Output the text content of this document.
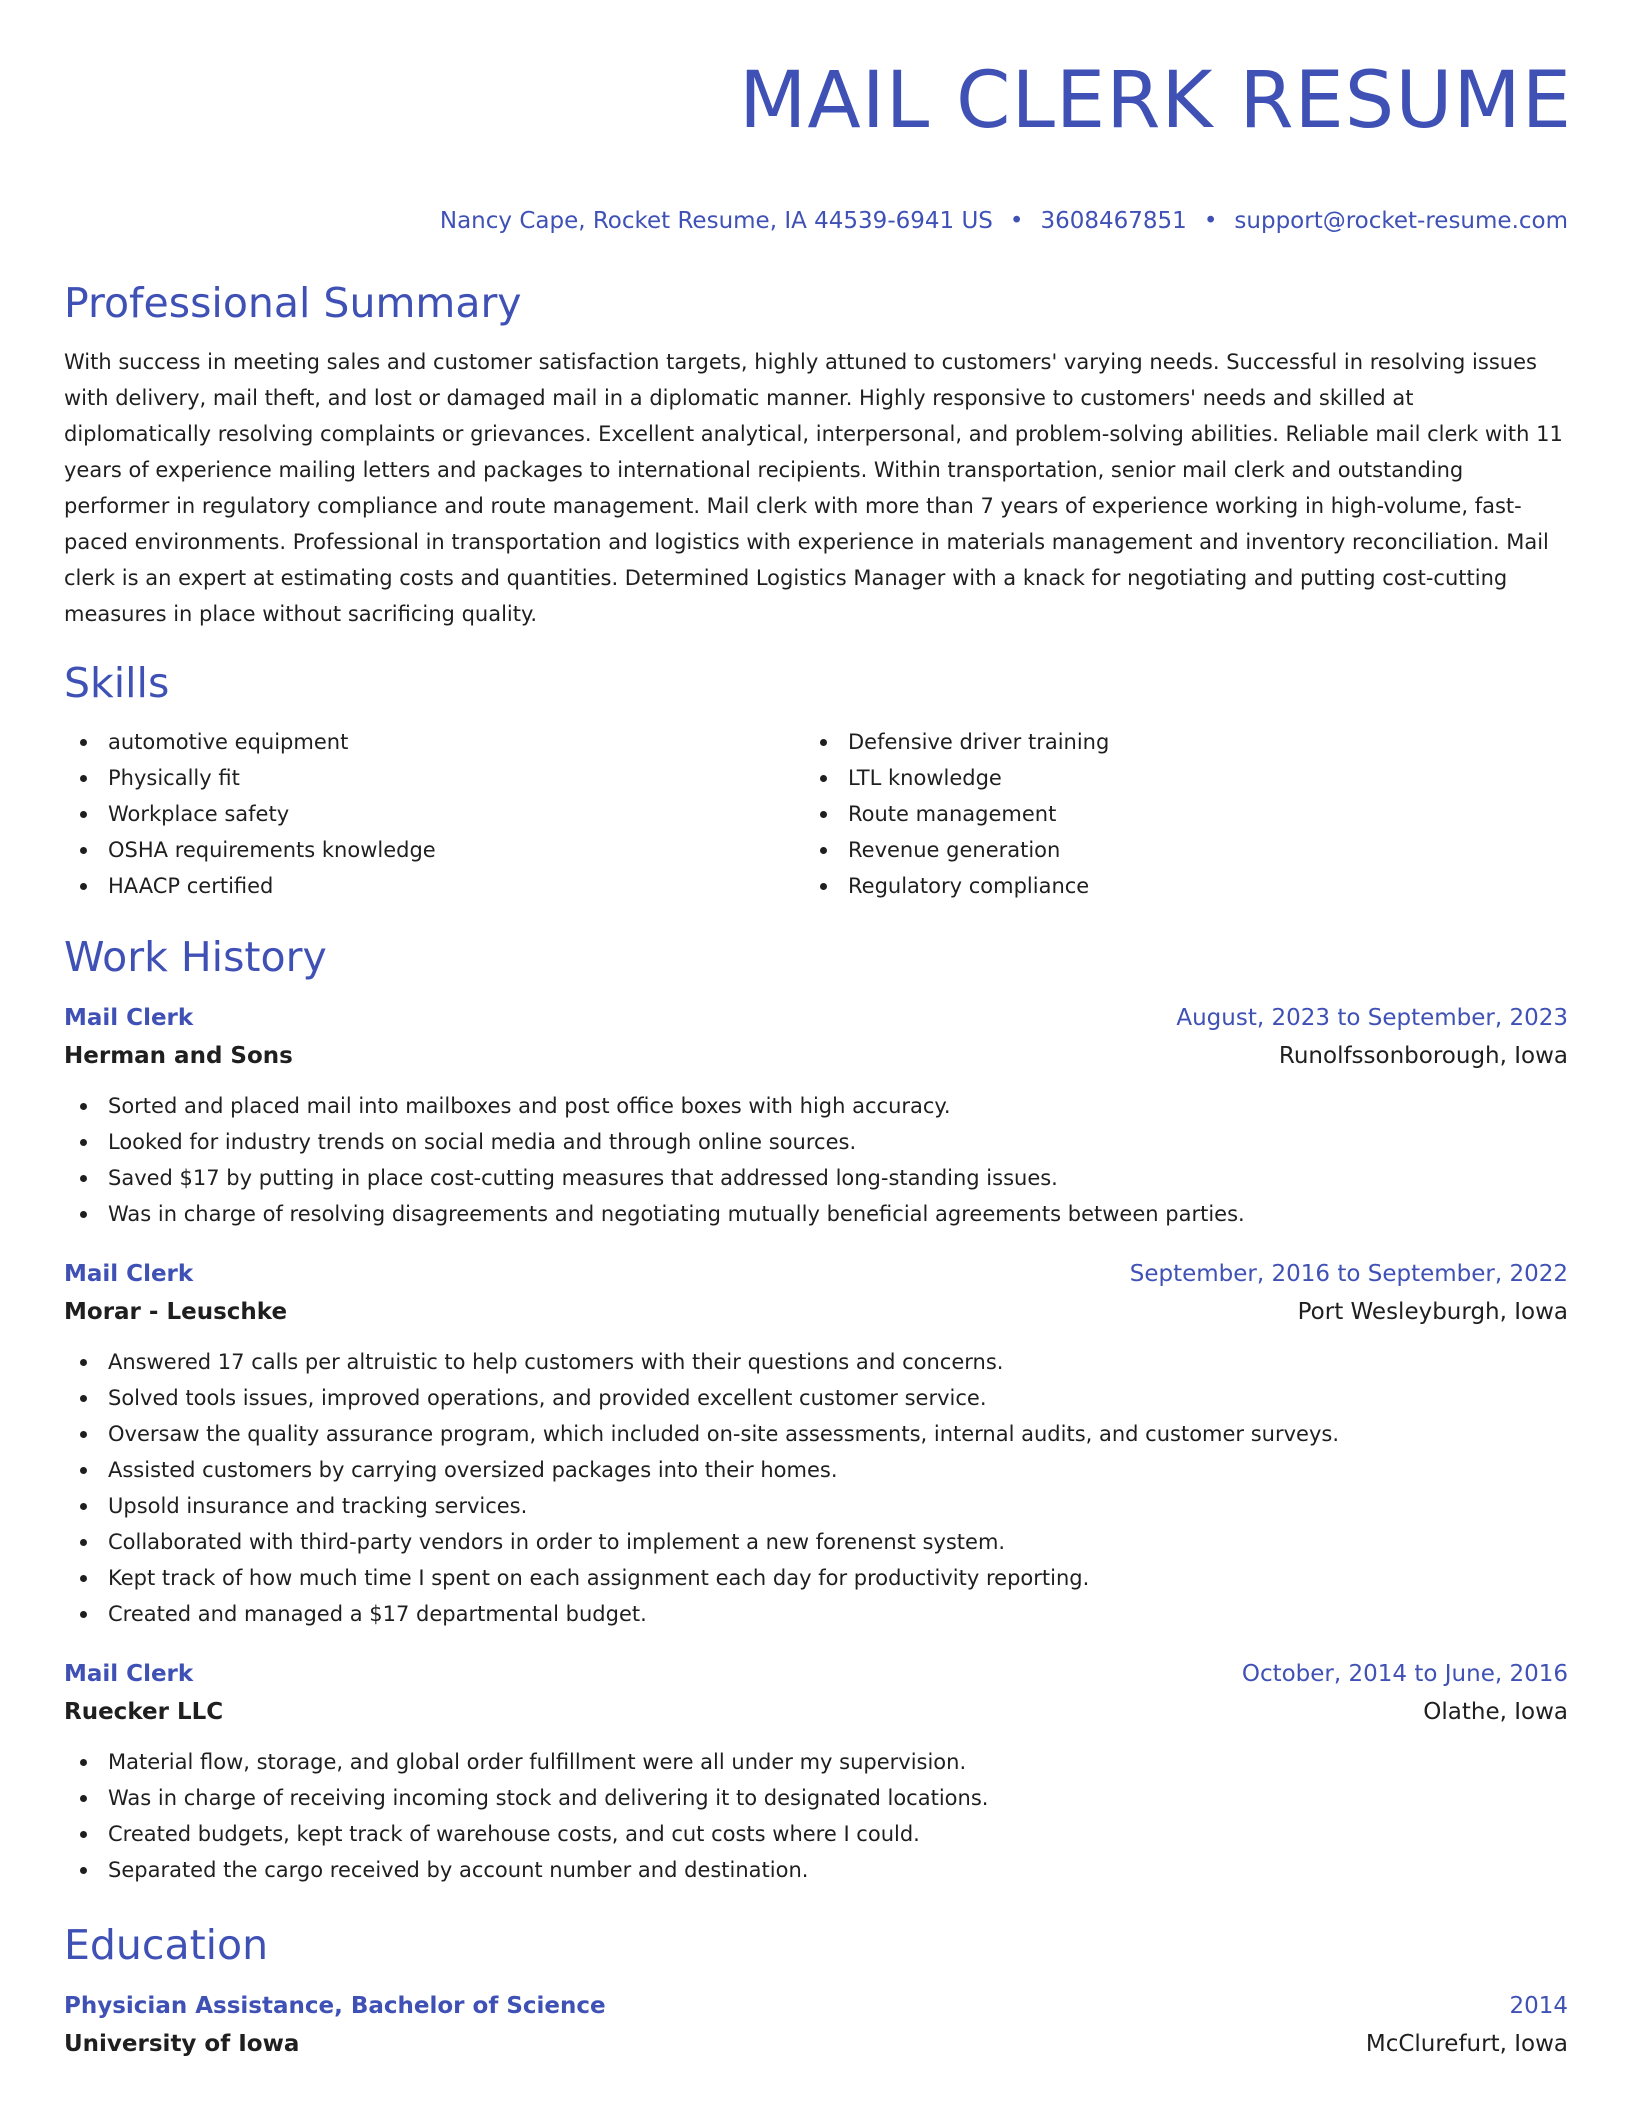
MAIL CLERK RESUME
Nancy Cape, Rocket Resume, IA 44539-6941 US • 3608467851 • support@rocket-resume.com
Professional Summary
With success in meeting sales and customer satisfaction targets, highly attuned to customers' varying needs. Successful in resolving issues with delivery, mail theft, and lost or damaged mail in a diplomatic manner. Highly responsive to customers' needs and skilled at diplomatically resolving complaints or grievances. Excellent analytical, interpersonal, and problem-solving abilities. Reliable mail clerk with 11 years of experience mailing letters and packages to international recipients. Within transportation, senior mail clerk and outstanding performer in regulatory compliance and route management. Mail clerk with more than 7 years of experience working in high-volume, fast-paced environments. Professional in transportation and logistics with experience in materials management and inventory reconciliation. Mail clerk is an expert at estimating costs and quantities. Determined Logistics Manager with a knack for negotiating and putting cost-cutting measures in place without sacrificing quality.
Skills
automotive equipment
Physically fit
Workplace safety
OSHA requirements knowledge
HAACP certified
Defensive driver training
LTL knowledge
Route management
Revenue generation
Regulatory compliance
Work History
Mail Clerk	August, 2023 to September, 2023
Herman and Sons	Runolfssonborough, Iowa
Sorted and placed mail into mailboxes and post office boxes with high accuracy.
Looked for industry trends on social media and through online sources.
Saved $17 by putting in place cost-cutting measures that addressed long-standing issues.
Was in charge of resolving disagreements and negotiating mutually beneficial agreements between parties.
Mail Clerk	September, 2016 to September, 2022
Morar - Leuschke	Port Wesleyburgh, Iowa
Answered 17 calls per altruistic to help customers with their questions and concerns.
Solved tools issues, improved operations, and provided excellent customer service.
Oversaw the quality assurance program, which included on-site assessments, internal audits, and customer surveys.
Assisted customers by carrying oversized packages into their homes.
Upsold insurance and tracking services.
Collaborated with third-party vendors in order to implement a new forenenst system.
Kept track of how much time I spent on each assignment each day for productivity reporting.
Created and managed a $17 departmental budget.
Mail Clerk	October, 2014 to June, 2016
Ruecker LLC	Olathe, Iowa
Material flow, storage, and global order fulfillment were all under my supervision.
Was in charge of receiving incoming stock and delivering it to designated locations.
Created budgets, kept track of warehouse costs, and cut costs where I could.
Separated the cargo received by account number and destination.
Education
Physician Assistance, Bachelor of Science	2014
University of Iowa	McClurefurt, Iowa
